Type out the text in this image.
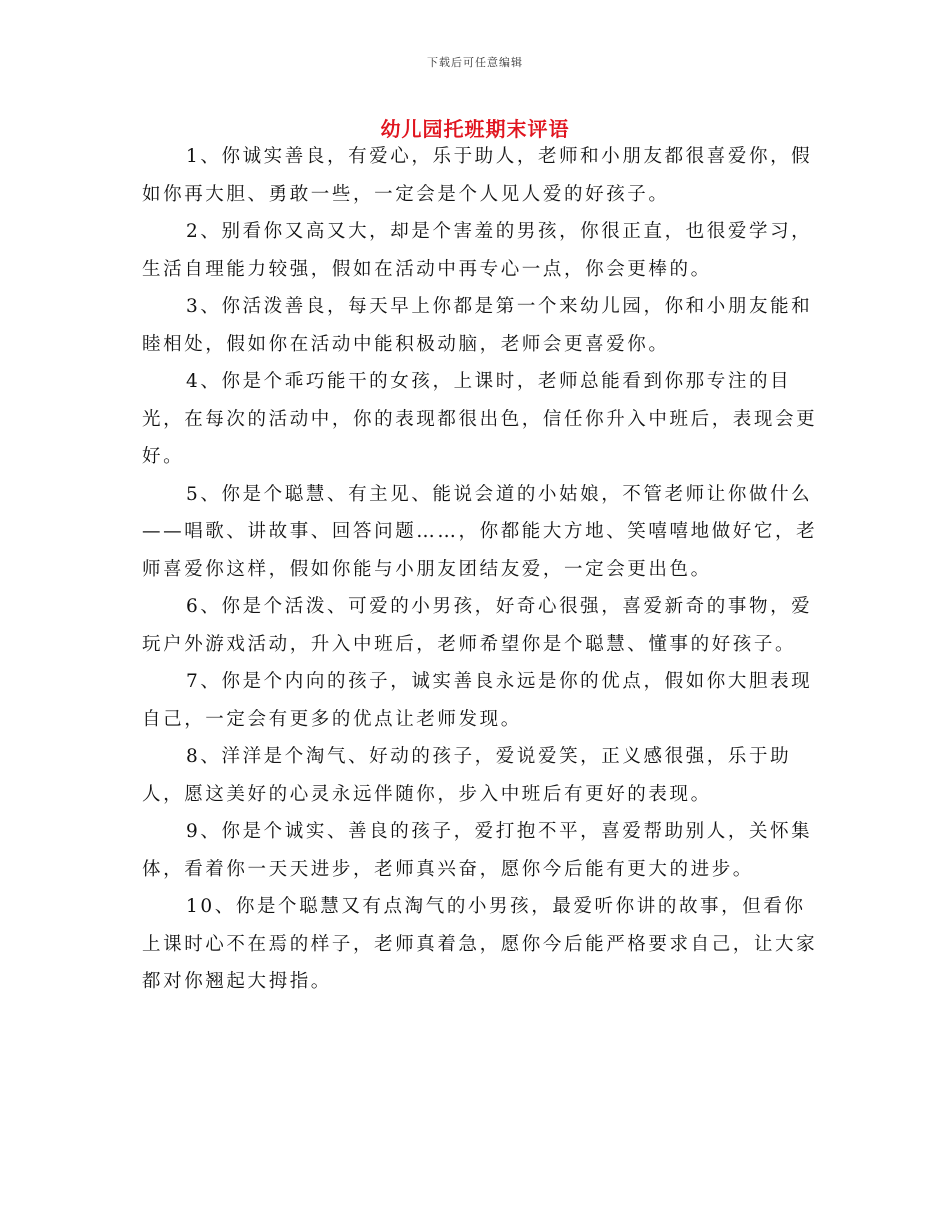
下载后可任意编辑
幼儿园托班期末评语

1、你诚实善良，有爱心，乐于助人，老师和小朋友都很喜爱你，假如你再大胆、勇敢一些，一定会是个人见人爱的好孩子。

2、别看你又高又大，却是个害羞的男孩，你很正直，也很爱学习，生活自理能力较强，假如在活动中再专心一点，你会更棒的。

3、你活泼善良，每天早上你都是第一个来幼儿园，你和小朋友能和睦相处，假如你在活动中能积极动脑，老师会更喜爱你。

4、你是个乖巧能干的女孩，上课时，老师总能看到你那专注的目光，在每次的活动中，你的表现都很出色，信任你升入中班后，表现会更好。

5、你是个聪慧、有主见、能说会道的小姑娘，不管老师让你做什么——唱歌、讲故事、回答问题……，你都能大方地、笑嘻嘻地做好它，老师喜爱你这样，假如你能与小朋友团结友爱，一定会更出色。

6、你是个活泼、可爱的小男孩，好奇心很强，喜爱新奇的事物，爱玩户外游戏活动，升入中班后，老师希望你是个聪慧、懂事的好孩子。

7、你是个内向的孩子，诚实善良永远是你的优点，假如你大胆表现自己，一定会有更多的优点让老师发现。

8、洋洋是个淘气、好动的孩子，爱说爱笑，正义感很强，乐于助人，愿这美好的心灵永远伴随你，步入中班后有更好的表现。

9、你是个诚实、善良的孩子，爱打抱不平，喜爱帮助别人，关怀集体，看着你一天天进步，老师真兴奋，愿你今后能有更大的进步。

10、你是个聪慧又有点淘气的小男孩，最爱听你讲的故事，但看你上课时心不在焉的样子，老师真着急，愿你今后能严格要求自己，让大家都对你翘起大拇指。
